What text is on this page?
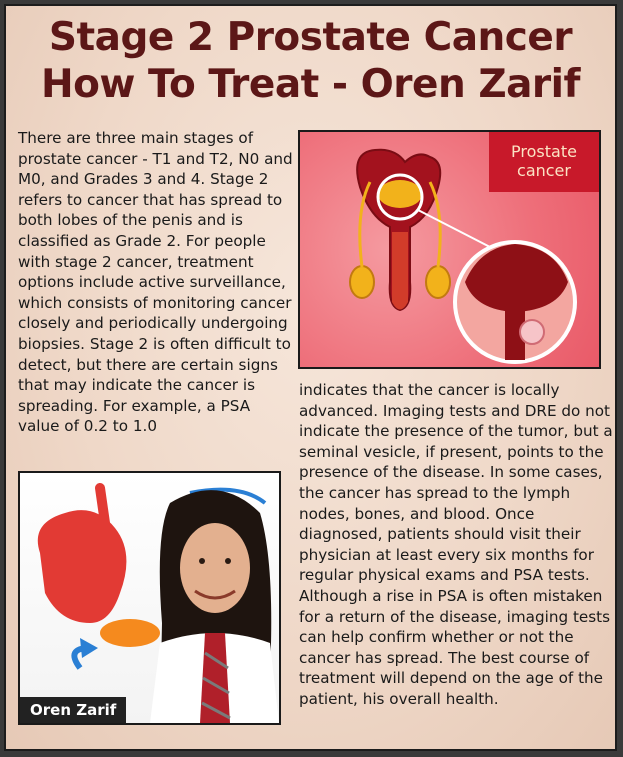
Stage 2 Prostate Cancer
How To Treat - Oren Zarif
There are three main stages of prostate cancer - T1 and T2, N0 and M0, and Grades 3 and 4. Stage 2 refers to cancer that has spread to both lobes of the penis and is classified as Grade 2. For people with stage 2 cancer, treatment options include active surveillance, which consists of monitoring cancer closely and periodically undergoing biopsies. Stage 2 is often difficult to detect, but there are certain signs that may indicate the cancer is spreading. For example, a PSA value of 0.2 to 1.0
Prostate
cancer
Oren Zarif
indicates that the cancer is locally advanced. Imaging tests and DRE do not indicate the presence of the tumor, but a seminal vesicle, if present, points to the presence of the disease. In some cases, the cancer has spread to the lymph nodes, bones, and blood. Once diagnosed, patients should visit their physician at least every six months for regular physical exams and PSA tests. Although a rise in PSA is often mistaken for a return of the disease, imaging tests can help confirm whether or not the cancer has spread. The best course of treatment will depend on the age of the patient, his overall health.
